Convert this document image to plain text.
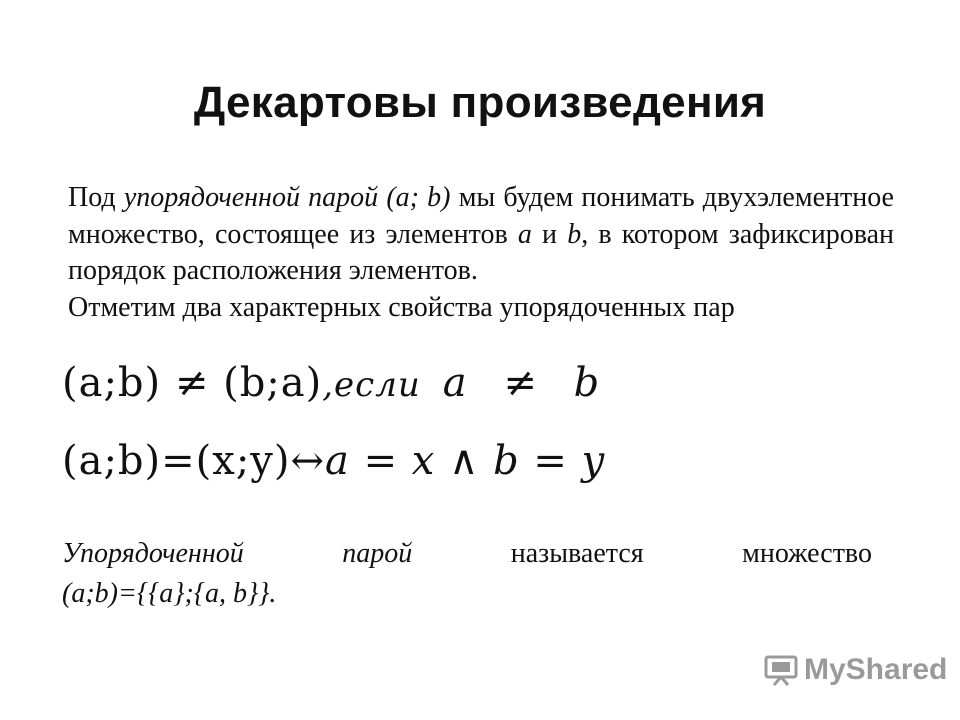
Декартовы произведения
Под упорядоченной парой (a; b) мы будем понимать двухэлементное множество, состоящее из элементов a и b, в котором зафиксирован порядок расположения элементов.
Отметим два характерных свойства упорядоченных пар
(a;b) ≠ (b;a),если a ≠ b
(a;b)=(x;y)↔a = x ∧ b = y
Упорядоченной	парой	называется	множество
(a;b)={{a};{a, b}}.
MyShared
